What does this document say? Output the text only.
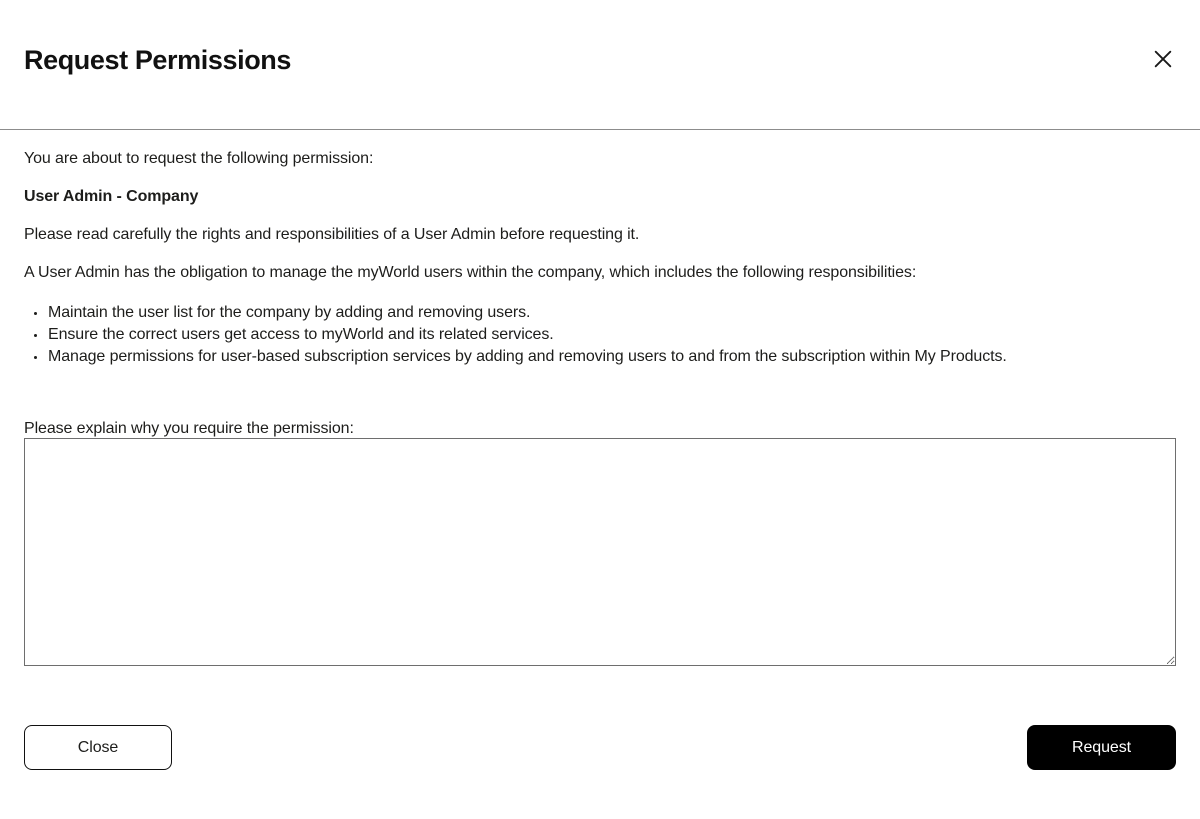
Request Permissions

You are about to request the following permission:

User Admin - Company

Please read carefully the rights and responsibilities of a User Admin before requesting it.

A User Admin has the obligation to manage the myWorld users within the company, which includes the following responsibilities:

Maintain the user list for the company by adding and removing users.
Ensure the correct users get access to myWorld and its related services.
Manage permissions for user-based subscription services by adding and removing users to and from the subscription within My Products.
Please explain why you require the permission:
Close	Request
